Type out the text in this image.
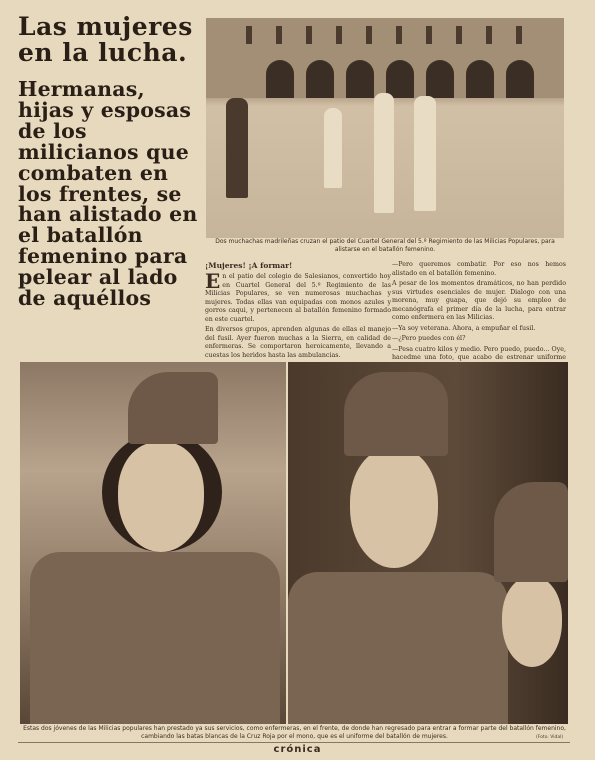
Las mujeres en la lucha.
Hermanas, hijas y esposas de los milicianos que combaten en los frentes, se han alistado en el batallón femenino para pelear al lado de aquéllos
Dos muchachas madrileñas cruzan el patio del Cuartel General del 5.º Regimiento de las Milicias Populares, para alistarse en el batallón femenino.
¡Mujeres! ¡A formar!

En el patio del colegio de Salesianos, convertido hoy en Cuartel General del 5.º Regimiento de las Milicias Populares, se ven numerosas muchachas y mujeres. Todas ellas van equipadas con monos azules y gorros caqui, y pertenecen al batallón femenino formado en este cuartel.

En diversos grupos, aprenden algunas de ellas el manejo del fusil. Ayer fueron muchas a la Sierra, en calidad de enfermeras. Se comportaron heroicamente, llevando a cuestas los heridos hasta las ambulancias.

—Pero queremos combatir. Por eso nos hemos alistado en el batallón femenino.

A pesar de los momentos dramáticos, no han perdido sus virtudes esenciales de mujer. Dialogo con una morena, muy guapa, que dejó su empleo de mecanógrafa el primer día de la lucha, para entrar como enfermera en las Milicias.

—Ya soy veterana. Ahora, a empuñar el fusil.

—¿Pero puedes con él?

—Pesa cuatro kilos y medio. Pero puedo, puedo... Oye, hacedme una foto, que acabo de estrenar uniforme

Estas dos jóvenes de las Milicias populares han prestado ya sus servicios, como enfermeras, en el frente, de donde han regresado para entrar a formar parte del batallón femenino, cambiando las batas blancas de la Cruz Roja por el mono, que es el uniforme del batallón de mujeres.	(Foto. Vidal)
crónica
